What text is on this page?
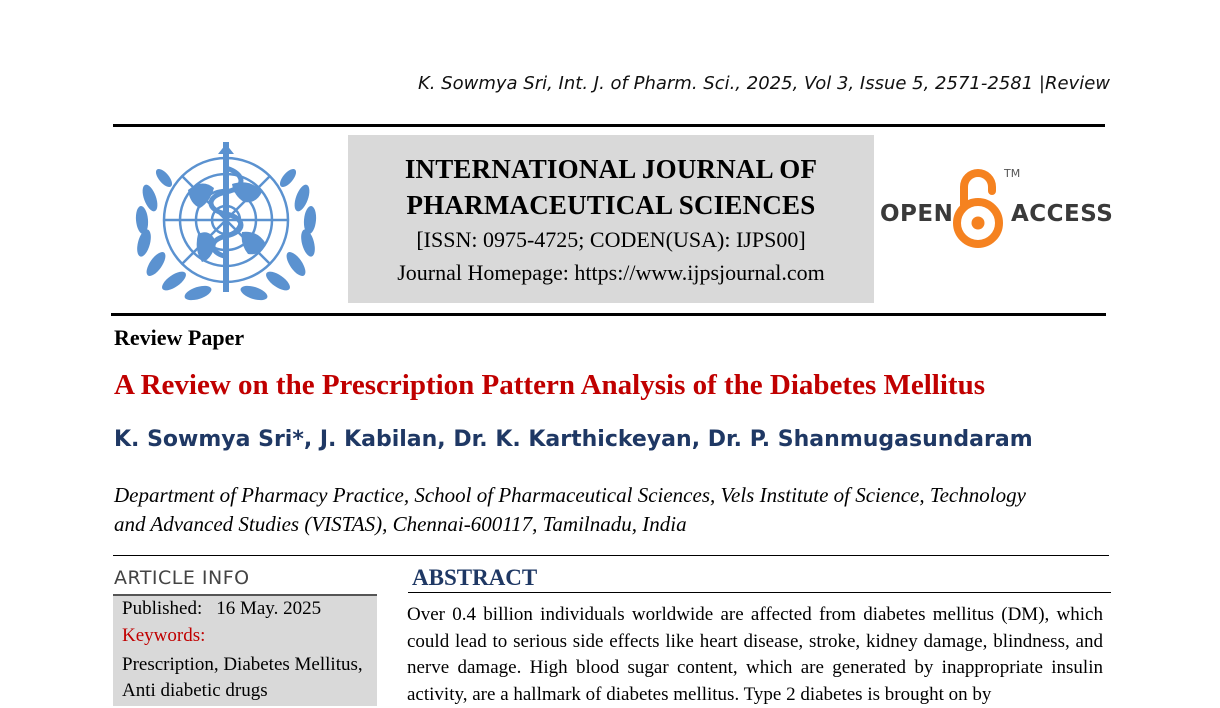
K. Sowmya Sri, Int. J. of Pharm. Sci., 2025, Vol 3, Issue 5, 2571-2581 |Review
INTERNATIONAL JOURNAL OF
PHARMACEUTICAL SCIENCES
[ISSN: 0975-4725; CODEN(USA): IJPS00]
Journal Homepage: https://www.ijpsjournal.com
OPEN
TM
ACCESS
Review Paper
A Review on the Prescription Pattern Analysis of the Diabetes Mellitus
K. Sowmya Sri*, J. Kabilan, Dr. K. Karthickeyan, Dr. P. Shanmugasundaram
Department of Pharmacy Practice, School of Pharmaceutical Sciences, Vels Institute of Science, Technology
and Advanced Studies (VISTAS), Chennai-600117, Tamilnadu, India
ARTICLE INFO
Published: 16 May. 2025
Keywords:
Prescription, Diabetes Mellitus, Anti diabetic drugs
ABSTRACT
Over 0.4 billion individuals worldwide are affected from diabetes mellitus (DM), which could lead to serious side effects like heart disease, stroke, kidney damage, blindness, and nerve damage. High blood sugar content, which are generated by inappropriate insulin activity, are a hallmark of diabetes mellitus. Type 2 diabetes is brought on by
